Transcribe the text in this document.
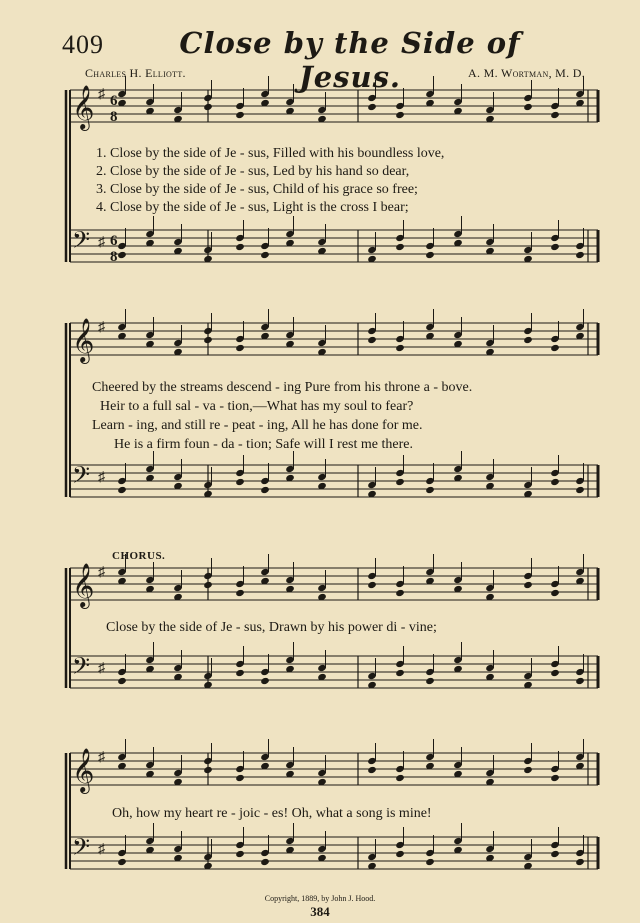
409	Close by the Side of Jesus.
Charles H. Elliott.	A. M. Wortman, M. D.
𝄞 ♯ 6
8
𝄢 ♯ 6
8
1. Close by the side of Je - sus, Filled with his boundless love,
2. Close by the side of Je - sus, Led by his hand so dear,
3. Close by the side of Je - sus, Child of his grace so free;
4. Close by the side of Je - sus, Light is the cross I bear;
𝄞 ♯
𝄢 ♯
Cheered by the streams descend - ing Pure from his throne a - bove.
Heir to a full sal - va - tion,—What has my soul to fear?
Learn - ing, and still re - peat - ing, All he has done for me.
He is a firm foun - da - tion; Safe will I rest me there.
CHORUS.
𝄞 ♯
𝄢 ♯
Close by the side of Je - sus, Drawn by his power di - vine;
𝄞 ♯
𝄢 ♯
Oh, how my heart re - joic - es! Oh, what a song is mine!
Copyright, 1889, by John J. Hood.
384
